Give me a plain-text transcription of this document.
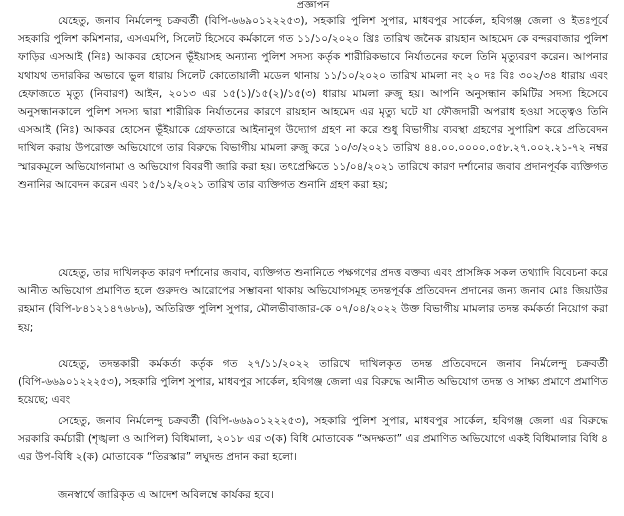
প্রজ্ঞাপন

যেহেতু, জনাব নির্মলেন্দু চক্রবর্তী (বিপি-৬৬৯০১২২২৫৩), সহকারি পুলিশ সুপার, মাধবপুর সার্কেল, হবিগঞ্জ জেলা ও ইতঃপূর্বে সহকারি পুলিশ কমিশনার, এসএমপি, সিলেট হিসেবে কর্মকালে গত ১১/১০/২০২০ খ্রিঃ তারিখ জনৈক রায়হান আহমেদ কে বন্দরবাজার পুলিশ ফাড়ির এসআই (নিঃ) আকবর হোসেন ভূঁইয়াসহ অন্যান্য পুলিশ সদস্য কর্তৃক শারীরিকভাবে নির্যাতনের ফলে তিনি মৃত্যুবরণ করেন। আপনার যথাযথ তদারকির অভাবে ভুল ধারায় সিলেট কোতোয়ালী মডেল থানায় ১১/১০/২০২০ তারিখ মামলা নং ২০ দঃ বিঃ ৩০২/৩৪ ধারায় এবং হেফাজতে মৃত্যু (নিবারণ) আইন, ২০১৩ এর ১৫(১)/১৫(২)/১৫(৩) ধারায় মামলা রুজু হয়। আপনি অনুসন্ধান কমিটির সদস্য হিসেবে অনুসন্ধানকালে পুলিশ সদস্য দ্বারা শারীরিক নির্যাতনের কারণে রায়হান আহমেদ এর মৃত্যু ঘটে যা ফৌজদারী অপরাধ হওয়া সত্ত্বেও তিনি এসআই (নিঃ) আকবর হোসেন ভূঁইয়াকে গ্রেফতারে আইনানুগ উদ্যোগ গ্রহণ না করে শুধু বিভাগীয় ব্যবস্থা গ্রহণের সুপারিশ করে প্রতিবেদন দাখিল করায় উপরোক্ত অভিযোগে তার বিরুদ্ধে বিভাগীয় মামলা রুজু করে ১০/৩/২০২১ তারিখ ৪৪.০০.০০০০.০৫৮.২৭.০০২.২১-৭২ নম্বর স্মারকমূলে অভিযোগনামা ও অভিযোগ বিবরণী জারি করা হয়। তৎপ্রেক্ষিতে ১১/০৪/২০২১ তারিখে কারণ দর্শানোর জবাব প্রদানপূর্বক ব্যক্তিগত শুনানির আবেদন করেন এবং ১৫/১২/২০২১ তারিখ তার ব্যক্তিগত শুনানি গ্রহণ করা হয়;

যেহেতু, তার দাখিলকৃত কারণ দর্শানোর জবাব, ব্যক্তিগত শুনানিতে পক্ষগণের প্রদত্ত বক্তব্য এবং প্রাসঙ্গিক সকল তথ্যাদি বিবেচনা করে আনীত অভিযোগ প্রমাণিত হলে গুরুদণ্ড আরোপের সম্ভাবনা থাকায় অভিযোগসমূহ তদন্তপূর্বক প্রতিবেদন প্রদানের জন্য জনাব মোঃ জিয়াউর রহমান (বিপি-৮৪১২১৪৭৬৮৬), অতিরিক্ত পুলিশ সুপার, মৌলভীবাজার-কে ০৭/০৪/২০২২ উক্ত বিভাগীয় মামলার তদন্ত কর্মকর্তা নিয়োগ করা হয়;

যেহেতু, তদন্তকারী কর্মকর্তা কর্তৃক গত ২৭/১১/২০২২ তারিখে দাখিলকৃত তদন্ত প্রতিবেদনে জনাব নির্মলেন্দু চক্রবর্তী (বিপি-৬৬৯০১২২২৫৩), সহকারি পুলিশ সুপার, মাধবপুর সার্কেল, হবিগঞ্জ জেলা এর বিরুদ্ধে আনীত অভিযোগ তদন্ত ও সাক্ষ্য প্রমাণে প্রমাণিত হয়েছে; এবং

সেহেতু, জনাব নির্মলেন্দু চক্রবর্তী (বিপি-৬৬৯০১২২২৫৩), সহকারি পুলিশ সুপার, মাধবপুর সার্কেল, হবিগঞ্জ জেলা এর বিরুদ্ধে সরকারি কর্মচারী (শৃঙ্খলা ও আপিল) বিধিমালা, ২০১৮ এর ৩(ক) বিধি মোতাবেক “অদক্ষতা” এর প্রমাণিত অভিযোগে একই বিধিমালার বিধি ৪ এর উপ-বিধি ২(ক) মোতাবেক “তিরস্কার” লঘুদন্ড প্রদান করা হলো।

জনস্বার্থে জারিকৃত এ আদেশ অবিলম্বে কার্যকর হবে।
